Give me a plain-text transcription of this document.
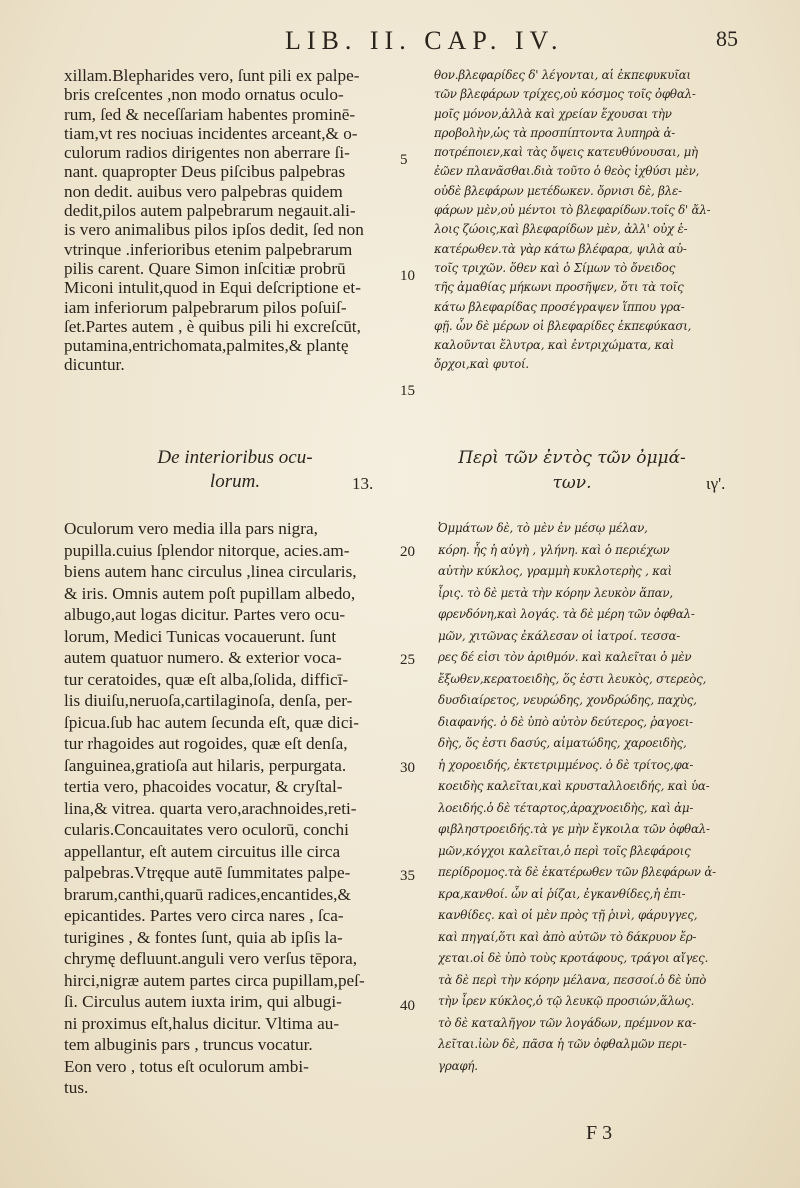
LIB. II. CAP. IV.	85
xillam.Blepharides vero, ſunt pili ex palpe-
bris creſcentes ,non modo ornatus oculo-
rum, ſed & neceſſariam habentes prominē-
tiam,vt res nociuas incidentes arceant,& o-
culorum radios dirigentes non aberrare ſi-
nant. quapropter Deus piſcibus palpebras
non dedit. auibus vero palpebras quidem
dedit,pilos autem palpebrarum negauit.ali-
is vero animalibus pilos ipſos dedit, ſed non
vtrinque .inferioribus etenim palpebrarum
pilis carent. Quare Simon inſcitiæ probrū
Miconi intulit,quod in Equi deſcriptione et-
iam inferiorum palpebrarum pilos poſuiſ-
ſet.Partes autem , è quibus pili hi excreſcūt,
putamina,entrichomata,palmites,& plantę
dicuntur.
θον.βλεφαρίδες δ' λέγονται, αἱ ἐκπεφυκυῖαι
τῶν βλεφάρων τρίχες,οὐ κόσμος τοῖς ὀφθαλ-
μοῖς μόνον,ἀλλὰ καὶ χρείαν ἔχουσαι τὴν
προβολὴν,ὡς τὰ προσπίπτοντα λυπηρὰ ἀ-
ποτρέποιεν,καὶ τὰς ὄψεις κατευθύνουσαι, μὴ
ἐῶεν πλανᾶσθαι.διὰ τοῦτο ὁ θεὸς ἰχθύσι μὲν,
οὐδὲ βλεφάρων μετέδωκεν. ὄρνισι δὲ, βλε-
φάρων μὲν,οὐ μέντοι τὸ βλεφαρίδων.τοῖς δ' ἄλ-
λοις ζώοις,καὶ βλεφαρίδων μὲν, ἀλλ' οὐχ ἑ-
κατέρωθεν.τὰ γὰρ κάτω βλέφαρα, ψιλὰ αὐ-
τοῖς τριχῶν. ὅθεν καὶ ὁ Σίμων τὸ ὄνειδος
τῆς ἀμαθίας μήκωνι προσῆψεν, ὅτι τὰ τοῖς
κάτω βλεφαρίδας προσέγραψεν ἵππου γρα-
φῇ. ὧν δὲ μέρων οἱ βλεφαρίδες ἐκπεφύκασι,
καλοῦνται ἔλυτρα, καὶ ἐντριχώματα, καὶ
ὄρχοι,καὶ φυτοί.
De interioribus ocu-
lorum.	13.
Περὶ τῶν ἐντὸς τῶν ὀμμά-
των.	ιγ'.
Oculorum vero media illa pars nigra,
pupilla.cuius ſplendor nitorque, acies.am-
biens autem hanc circulus ,linea circularis,
& iris. Omnis autem poſt pupillam albedo,
albugo,aut logas dicitur. Partes vero ocu-
lorum, Medici Tunicas vocauerunt. ſunt
autem quatuor numero. & exterior voca-
tur ceratoides, quæ eſt alba,ſolida, difficī-
lis diuiſu,neruoſa,cartilaginoſa, denſa, per-
ſpicua.ſub hac autem ſecunda eſt, quæ dici-
tur rhagoides aut rogoides, quæ eſt denſa,
ſanguinea,gratioſa aut hilaris, perpurgata.
tertia vero, phacoides vocatur, & cryſtal-
lina,& vitrea. quarta vero,arachnoides,reti-
cularis.Concauitates vero oculorū, conchi
appellantur, eſt autem circuitus ille circa
palpebras.Vtręque autē ſummitates palpe-
brarum,canthi,quarū radices,encantides,&
epicantides. Partes vero circa nares , ſca-
turigines , & fontes ſunt, quia ab ipſis la-
chrymę defluunt.anguli vero verſus tēpora,
hirci,nigræ autem partes circa pupillam,peſ-
ſi. Circulus autem iuxta irim, qui albugi-
ni proximus eſt,halus dicitur. Vltima au-
tem albuginis pars , truncus vocatur.
Eon vero , totus eſt oculorum ambi-
tus.
Ὀμμάτων δὲ, τὸ μὲν ἐν μέσῳ μέλαν,
κόρη. ἧς ἡ αὐγὴ , γλήνη. καὶ ὁ περιέχων
αὐτὴν κύκλος, γραμμὴ κυκλοτερὴς , καὶ
ἶρις. τὸ δὲ μετὰ τὴν κόρην λευκὸν ἅπαν,
φρενδόνη,καὶ λογάς. τὰ δὲ μέρη τῶν ὀφθαλ-
μῶν, χιτῶνας ἐκάλεσαν οἱ ἰατροί. τεσσα-
ρες δέ εἰσι τὸν ἀριθμόν. καὶ καλεῖται ὁ μὲν
ἔξωθεν,κερατοειδὴς, ὅς ἐστι λευκὸς, στερεὸς,
δυσδιαίρετος, νευρώδης, χονδρώδης, παχὺς,
διαφανής. ὁ δὲ ὑπὸ αὐτὸν δεύτερος, ῥαγοει-
δὴς, ὅς ἐστι δασύς, αἱματώδης, χαροειδὴς,
ἡ χοροειδής, ἐκτετριμμένος. ὁ δὲ τρίτος,φα-
κοειδὴς καλεῖται,καὶ κρυσταλλοειδής, καὶ ὑα-
λοειδής.ὁ δὲ τέταρτος,ἀραχνοειδὴς, καὶ ἀμ-
φιβληστροειδής.τὰ γε μὴν ἔγκοιλα τῶν ὀφθαλ-
μῶν,κόγχοι καλεῖται,ὁ περὶ τοῖς βλεφάροις
περίδρομος.τὰ δὲ ἑκατέρωθεν τῶν βλεφάρων ἀ-
κρα,κανθοί. ὧν αἱ ῥίζαι, ἐγκανθίδες,ἡ ἐπι-
κανθίδες. καὶ οἱ μὲν πρὸς τῇ ῥινὶ, φάρυγγες,
καὶ πηγαί,ὅτι καὶ ἀπὸ αὐτῶν τὸ δάκρυον ἔρ-
χεται.οἱ δὲ ὑπὸ τοὺς κροτάφους, τράγοι αἴγες.
τὰ δὲ περὶ τὴν κόρην μέλανα, πεσσοί.ὁ δὲ ὑπὸ
τὴν ἶρεν κύκλος,ὁ τῷ λευκῷ προσιών,ἅλως.
τὸ δὲ καταλῆγον τῶν λογάδων, πρέμνον κα-
λεῖται.ἰὼν δὲ, πᾶσα ἡ τῶν ὀφθαλμῶν περι-
γραφή.
5
10
15
20
25
30
35
40
F 3
